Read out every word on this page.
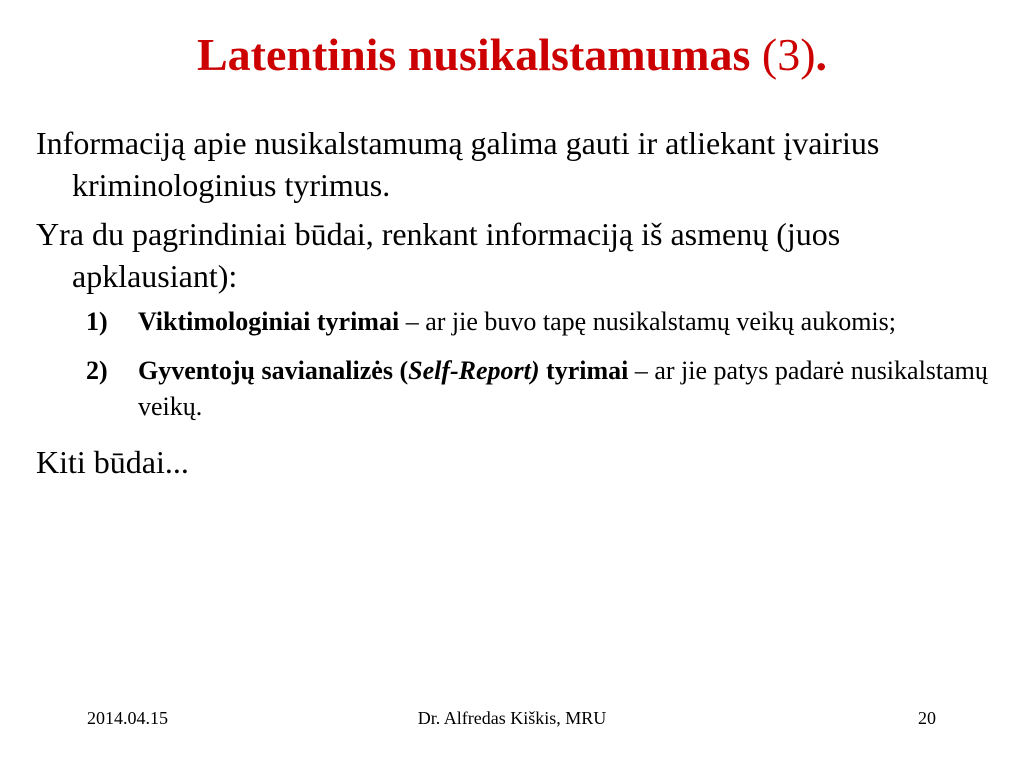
Latentinis nusikalstamumas (3).

Informaciją apie nusikalstamumą galima gauti ir atliekant įvairius kriminologinius tyrimus.

Yra du pagrindiniai būdai, renkant informaciją iš asmenų (juos apklausiant):

1) Viktimologiniai tyrimai – ar jie buvo tapę nusikalstamų veikų aukomis;
2) Gyventojų savianalizės (Self-Report) tyrimai – ar jie patys padarė nusikalstamų veikų.

Kiti būdai...

2014.04.15	Dr. Alfredas Kiškis, MRU	20
